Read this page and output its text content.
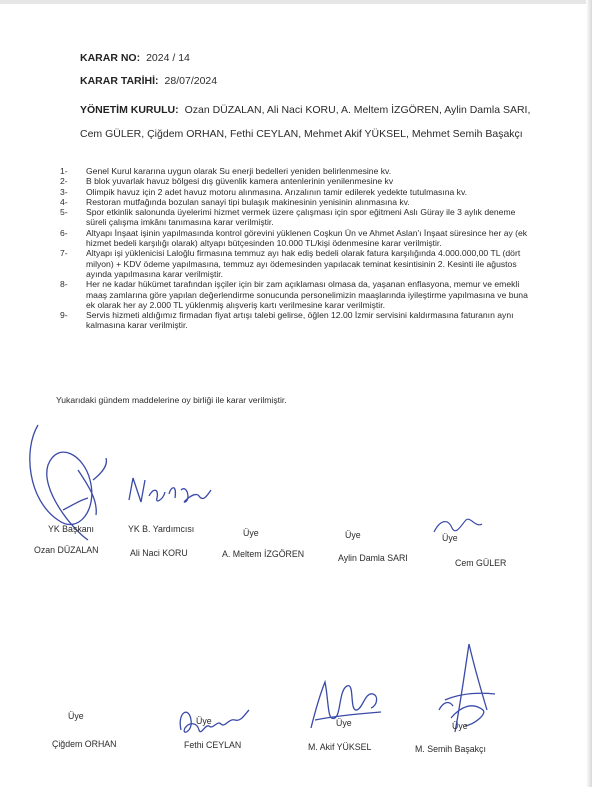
KARAR NO: 2024 / 14
KARAR TARİHİ: 28/07/2024
YÖNETİM KURULU: Ozan DÜZALAN, Ali Naci KORU, A. Meltem İZGÖREN, Aylin Damla SARI, Cem GÜLER, Çiğdem ORHAN, Fethi CEYLAN, Mehmet Akif YÜKSEL, Mehmet Semih Başakçı
1- Genel Kurul kararına uygun olarak Su enerji bedelleri yeniden belirlenmesine kv.
2- B blok yuvarlak havuz bölgesi dış güvenlik kamera antenlerinin yenilenmesine kv
3- Olimpik havuz için 2 adet havuz motoru alınmasına. Arızalının tamir edilerek yedekte tutulmasına kv.
4- Restoran mutfağında bozulan sanayi tipi bulaşık makinesinin yenisinin alınmasına kv.
5- Spor etkinlik salonunda üyelerimi hizmet vermek üzere çalışması için spor eğitmeni Aslı Güray ile 3 aylık deneme süreli çalışma imkânı tanımasına karar verilmiştir.
6- Altyapı İnşaat işinin yapılmasında kontrol görevini yüklenen Coşkun Ün ve Ahmet Aslan'ı İnşaat süresince her ay (ek hizmet bedeli karşılığı olarak) altyapı bütçesinden 10.000 TL/kişi ödenmesine karar verilmiştir.
7- Altyapı işi yüklenicisi Laloğlu firmasına temmuz ayı hak ediş bedeli olarak fatura karşılığında 4.000.000,00 TL (dört milyon) + KDV ödeme yapılmasına, temmuz ayı ödemesinden yapılacak teminat kesintisinin 2. Kesinti ile ağustos ayında yapılmasına karar verilmiştir.
8- Her ne kadar hükümet tarafından işçiler için bir zam açıklaması olmasa da, yaşanan enflasyona, memur ve emekli maaş zamlarına göre yapılan değerlendirme sonucunda personelimizin maaşlarında iyileştirme yapılmasına ve buna ek olarak her ay 2.000 TL yüklenmiş alışveriş kartı verilmesine karar verilmiştir.
9- Servis hizmeti aldığımız firmadan fiyat artışı talebi gelirse, öğlen 12.00 İzmir servisini kaldırmasına faturanın aynı kalmasına karar verilmiştir.
Yukarıdaki gündem maddelerine oy birliği ile karar verilmiştir.
YK Başkanı
Ozan DÜZALAN
YK B. Yardımcısı
Ali Naci KORU
Üye
A. Meltem İZGÖREN
Üye
Aylin Damla SARI
Üye
Cem GÜLER
Üye
Çiğdem ORHAN
Üye
Fethi CEYLAN
Üye
M. Akif YÜKSEL
Üye
M. Semih Başakçı
